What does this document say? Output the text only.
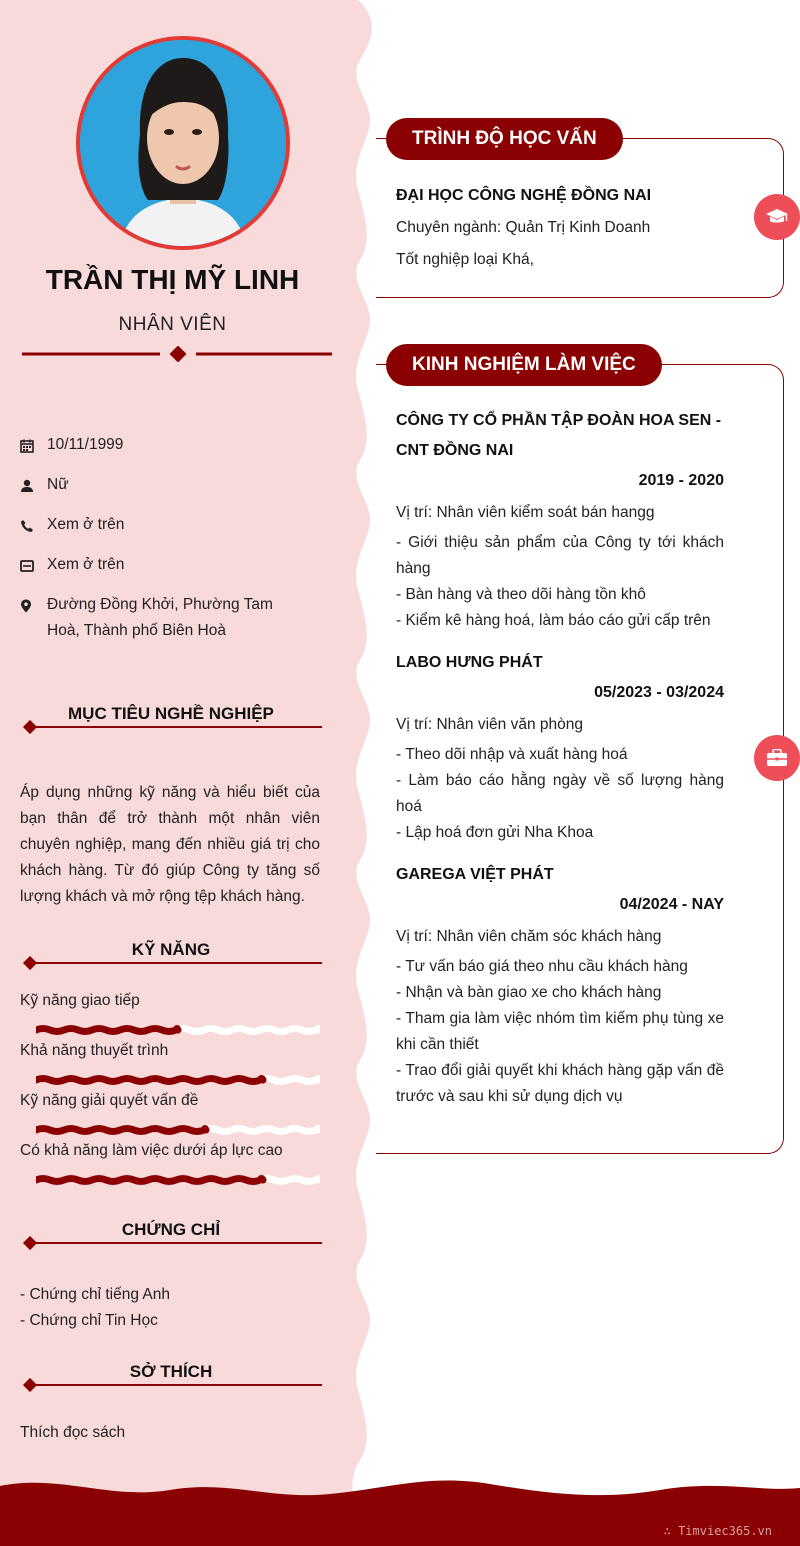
TRẦN THỊ MỸ LINH
NHÂN VIÊN
10/11/1999
Nữ
Xem ở trên
Xem ở trên
Đường Đồng Khởi, Phường Tam
Hoà, Thành phố Biên Hoà
MỤC TIÊU NGHỀ NGHIỆP
Áp dụng những kỹ năng và hiểu biết của bạn thân để trở thành một nhân viên chuyên nghiệp, mang đến nhiều giá trị cho khách hàng. Từ đó giúp Công ty tăng số lượng khách và mở rộng tệp khách hàng.
KỸ NĂNG
Kỹ năng giao tiếp
Khả năng thuyết trình
Kỹ năng giải quyết vấn đề
Có khả năng làm việc dưới áp lực cao
CHỨNG CHỈ
- Chứng chỉ tiếng Anh
- Chứng chỉ Tin Học
SỞ THÍCH
Thích đọc sách
TRÌNH ĐỘ HỌC VẤN
ĐẠI HỌC CÔNG NGHỆ ĐỒNG NAI
Chuyên ngành: Quản Trị Kinh Doanh
Tốt nghiệp loại Khá,
KINH NGHIỆM LÀM VIỆC
CÔNG TY CỔ PHẦN TẬP ĐOÀN HOA SEN - CNT ĐỒNG NAI
2019 - 2020
Vị trí: Nhân viên kiểm soát bán hangg
- Giới thiệu sản phẩm của Công ty tới khách hàng
- Bàn hàng và theo dõi hàng tồn khô
- Kiểm kê hàng hoá, làm báo cáo gửi cấp trên
LABO HƯNG PHÁT
05/2023 - 03/2024
Vị trí: Nhân viên văn phòng
- Theo dõi nhập và xuất hàng hoá
- Làm báo cáo hằng ngày về số lượng hàng hoá
- Lập hoá đơn gửi Nha Khoa
GAREGA VIỆT PHÁT
04/2024 - NAY
Vị trí: Nhân viên chăm sóc khách hàng
- Tư vấn báo giá theo nhu cầu khách hàng
- Nhận và bàn giao xe cho khách hàng
- Tham gia làm việc nhóm tìm kiếm phụ tùng xe khi cần thiết
- Trao đổi giải quyết khi khách hàng gặp vấn đề trước và sau khi sử dụng dịch vụ
∴ Timviec365.vn
